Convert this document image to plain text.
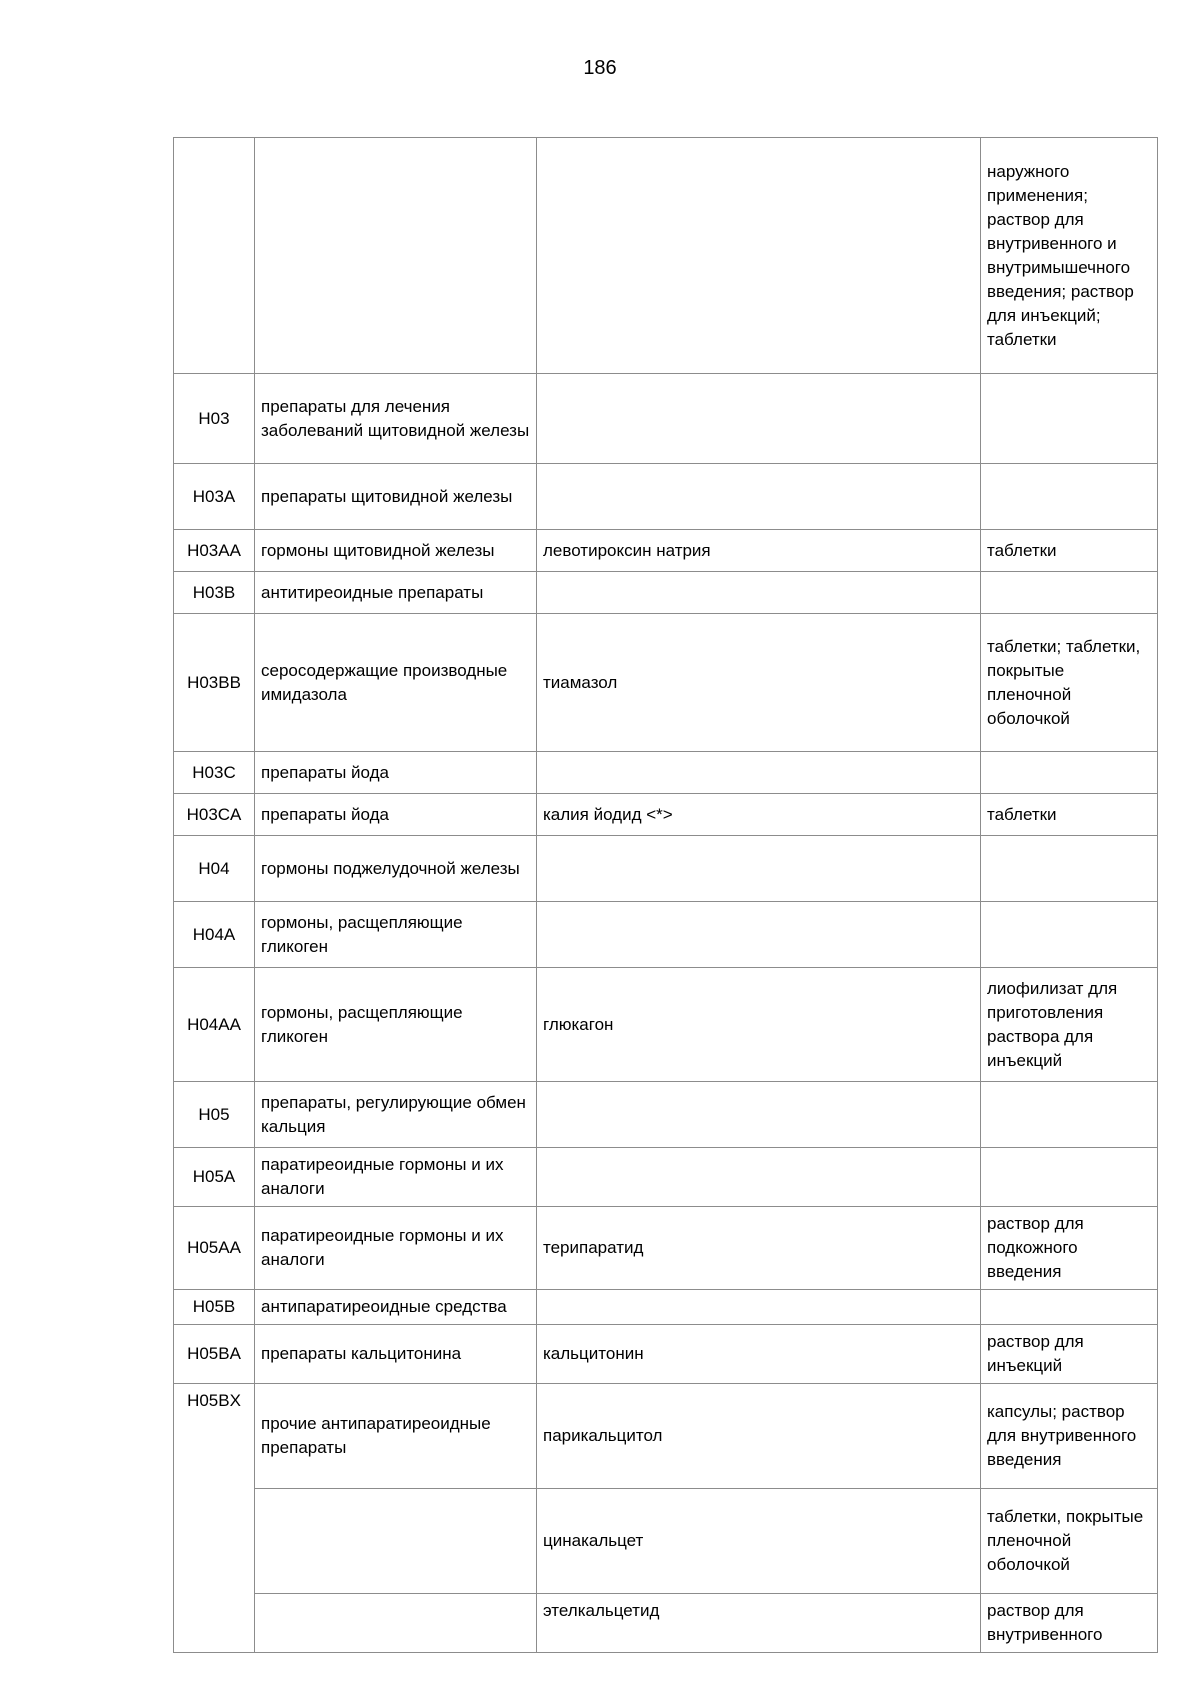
186
			наружного применения; раствор для внутривенного и внутримышечного введения; раствор для инъекций; таблетки
H03	препараты для лечения заболеваний щитовидной железы		
H03A	препараты щитовидной железы		
H03AA	гормоны щитовидной железы	левотироксин натрия	таблетки
H03B	антитиреоидные препараты		
H03BB	серосодержащие производные имидазола	тиамазол	таблетки; таблетки, покрытые пленочной оболочкой
H03C	препараты йода		
H03CA	препараты йода	калия йодид <*>	таблетки
H04	гормоны поджелудочной железы		
H04A	гормоны, расщепляющие гликоген		
H04AA	гормоны, расщепляющие гликоген	глюкагон	лиофилизат для приготовления раствора для инъекций
H05	препараты, регулирующие обмен кальция		
H05A	паратиреоидные гормоны и их аналоги		
H05AA	паратиреоидные гормоны и их аналоги	терипаратид	раствор для подкожного введения
H05B	антипаратиреоидные средства		
H05BA	препараты кальцитонина	кальцитонин	раствор для инъекций
H05BX	прочие антипаратиреоидные препараты	парикальцитол	капсулы; раствор для внутривенного введения
		цинакальцет	таблетки, покрытые пленочной оболочкой
		этелкальцетид	раствор для внутривенного
